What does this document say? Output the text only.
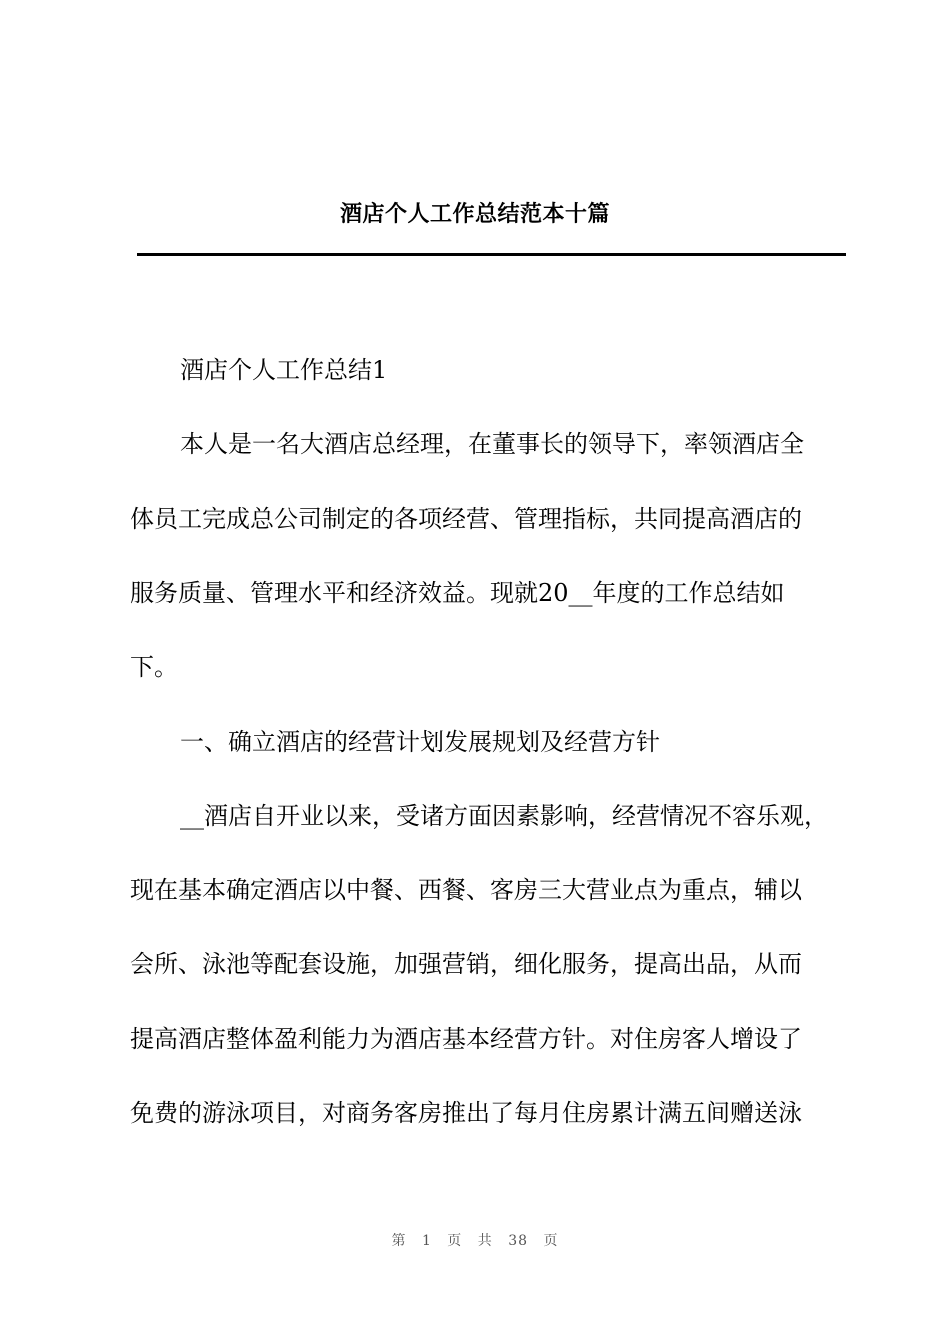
酒店个人工作总结范本十篇

酒店个人工作总结1

本人是一名大酒店总经理，在董事长的领导下，率领酒店全

体员工完成总公司制定的各项经营、管理指标，共同提高酒店的

服务质量、管理水平和经济效益。现就20__年度的工作总结如

下。

一、确立酒店的经营计划发展规划及经营方针

__酒店自开业以来，受诸方面因素影响，经营情况不容乐观，

现在基本确定酒店以中餐、西餐、客房三大营业点为重点，辅以

会所、泳池等配套设施，加强营销，细化服务，提高出品，从而

提高酒店整体盈利能力为酒店基本经营方针。对住房客人增设了

免费的游泳项目，对商务客房推出了每月住房累计满五间赠送泳

第 1 页 共 38 页
